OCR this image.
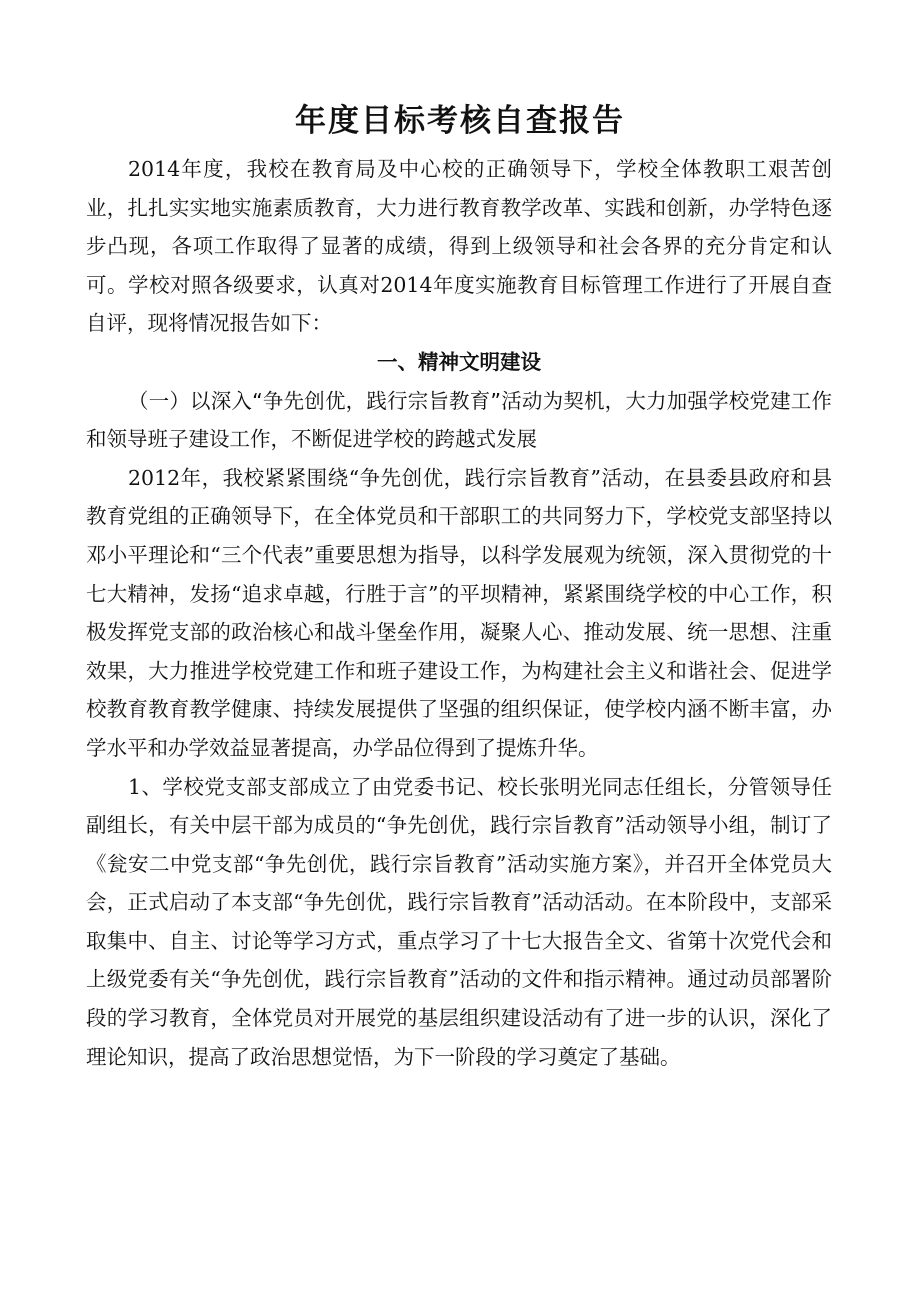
年度目标考核自查报告

2014年度，我校在教育局及中心校的正确领导下，学校全体教职工艰苦创业，扎扎实实地实施素质教育，大力进行教育教学改革、实践和创新，办学特色逐步凸现，各项工作取得了显著的成绩，得到上级领导和社会各界的充分肯定和认可。学校对照各级要求，认真对2014年度实施教育目标管理工作进行了开展自查自评，现将情况报告如下：

一、精神文明建设

（一）以深入“争先创优，践行宗旨教育”活动为契机，大力加强学校党建工作和领导班子建设工作，不断促进学校的跨越式发展

2012年，我校紧紧围绕“争先创优，践行宗旨教育”活动，在县委县政府和县教育党组的正确领导下，在全体党员和干部职工的共同努力下，学校党支部坚持以邓小平理论和“三个代表”重要思想为指导，以科学发展观为统领，深入贯彻党的十七大精神，发扬“追求卓越，行胜于言”的平坝精神，紧紧围绕学校的中心工作，积极发挥党支部的政治核心和战斗堡垒作用，凝聚人心、推动发展、统一思想、注重效果，大力推进学校党建工作和班子建设工作，为构建社会主义和谐社会、促进学校教育教育教学健康、持续发展提供了坚强的组织保证，使学校内涵不断丰富，办学水平和办学效益显著提高，办学品位得到了提炼升华。

1、学校党支部支部成立了由党委书记、校长张明光同志任组长，分管领导任副组长，有关中层干部为成员的“争先创优，践行宗旨教育”活动领导小组，制订了《瓮安二中党支部“争先创优，践行宗旨教育”活动实施方案》，并召开全体党员大会，正式启动了本支部“争先创优，践行宗旨教育”活动活动。在本阶段中，支部采取集中、自主、讨论等学习方式，重点学习了十七大报告全文、省第十次党代会和上级党委有关“争先创优，践行宗旨教育”活动的文件和指示精神。通过动员部署阶段的学习教育，全体党员对开展党的基层组织建设活动有了进一步的认识，深化了理论知识，提高了政治思想觉悟，为下一阶段的学习奠定了基础。
